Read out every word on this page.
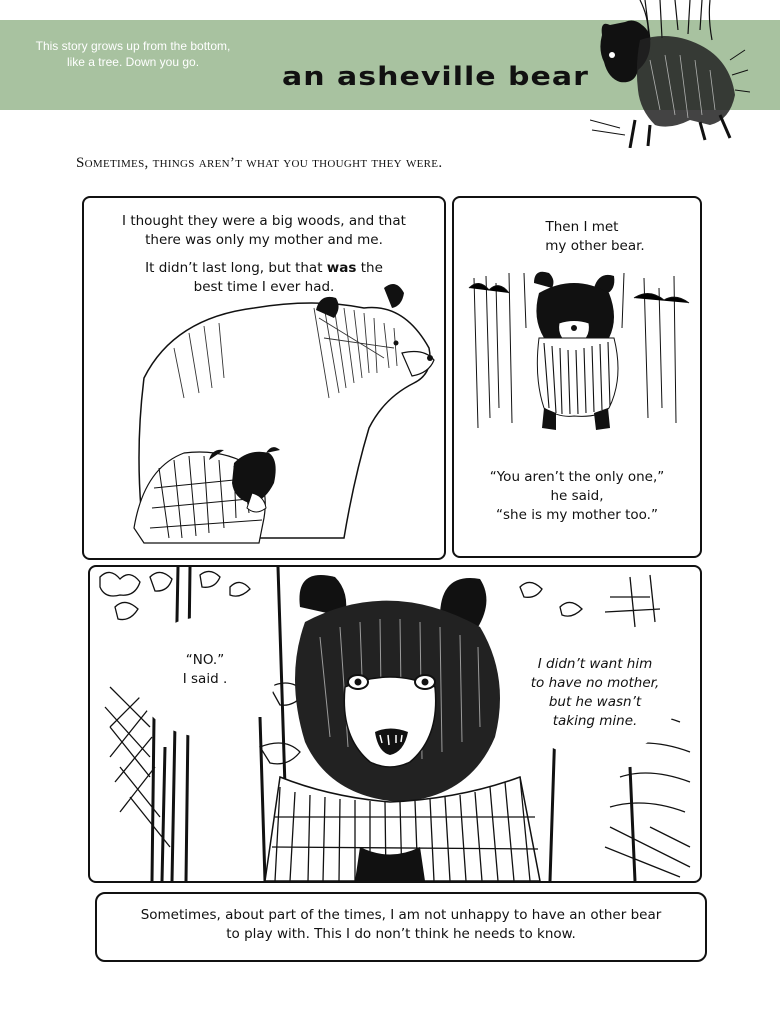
This story grows up from the bottom,
like a tree. Down you go.	an asheville bear
Sometimes, things aren’t what you thought they were.
I thought they were a big woods, and that
there was only my mother and me.
It didn’t last long, but that was the
best time I ever had.
Then I met
my other bear.
“You aren’t the only one,”
he said,
“she is my mother too.”
“NO.”
I said .
I didn’t want him
to have no mother,
but he wasn’t
taking mine.
Sometimes, about part of the times, I am not unhappy to have an other bear
to play with. This I do non’t think he needs to know.
